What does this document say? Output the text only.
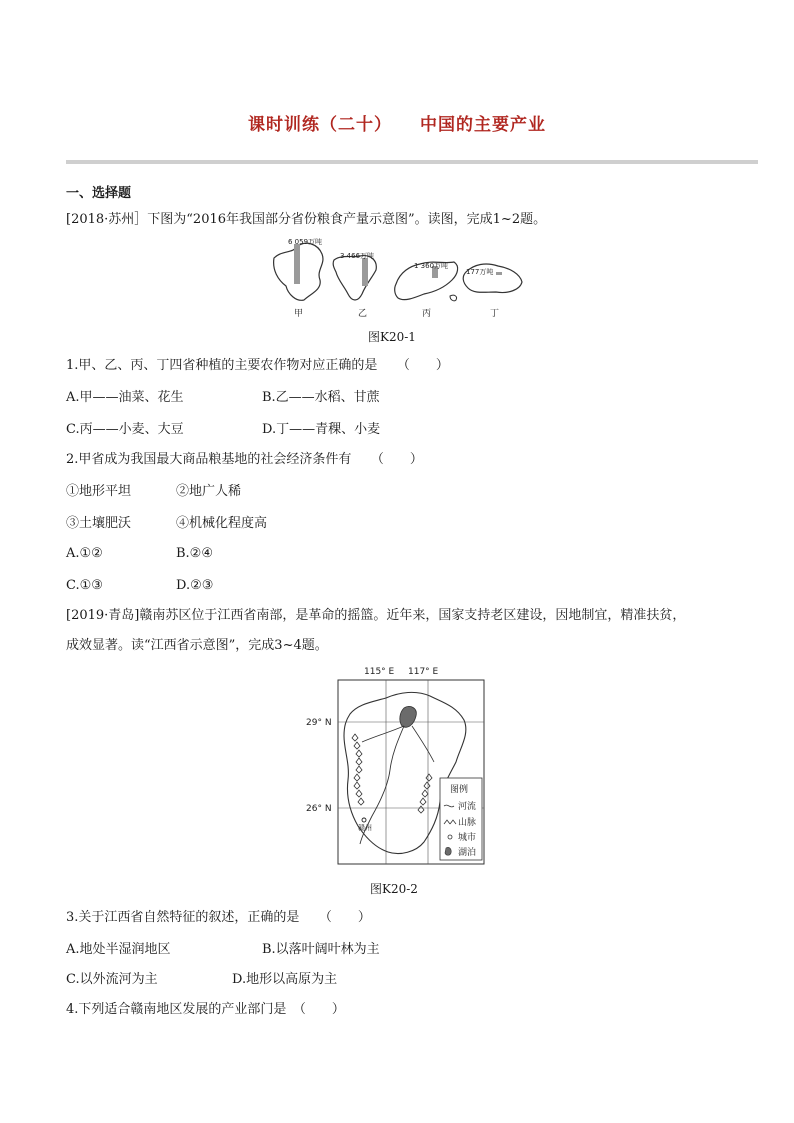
课时训练（二十） 中国的主要产业
一、选择题
[2018·苏州］下图为“2016年我国部分省份粮食产量示意图”。读图，完成1~2题。
6 059万吨
3 466万吨
1 360万吨
177万吨
甲	乙	丙	丁
图K20-1
1.甲、乙、丙、丁四省种植的主要农作物对应正确的是　　（　　）
A.甲——油菜、花生	B.乙——水稻、甘蔗
C.丙——小麦、大豆	D.丁——青稞、小麦
2.甲省成为我国最大商品粮基地的社会经济条件有　　（　　）
①地形平坦	②地广人稀
③土壤肥沃	④机械化程度高
A.①②	B.②④
C.①③	D.②③
[2019·青岛]赣南苏区位于江西省南部，是革命的摇篮。近年来，国家支持老区建设，因地制宜，精准扶贫，
成效显著。读“江西省示意图”，完成3~4题。
115° E 117° E
29° N
26° N
赣州
图例
河流
山脉
城市
湖泊
图K20-2
3.关于江西省自然特征的叙述，正确的是　　（　　）
A.地处半湿润地区	B.以落叶阔叶林为主
C.以外流河为主	D.地形以高原为主
4.下列适合赣南地区发展的产业部门是　（　　）
